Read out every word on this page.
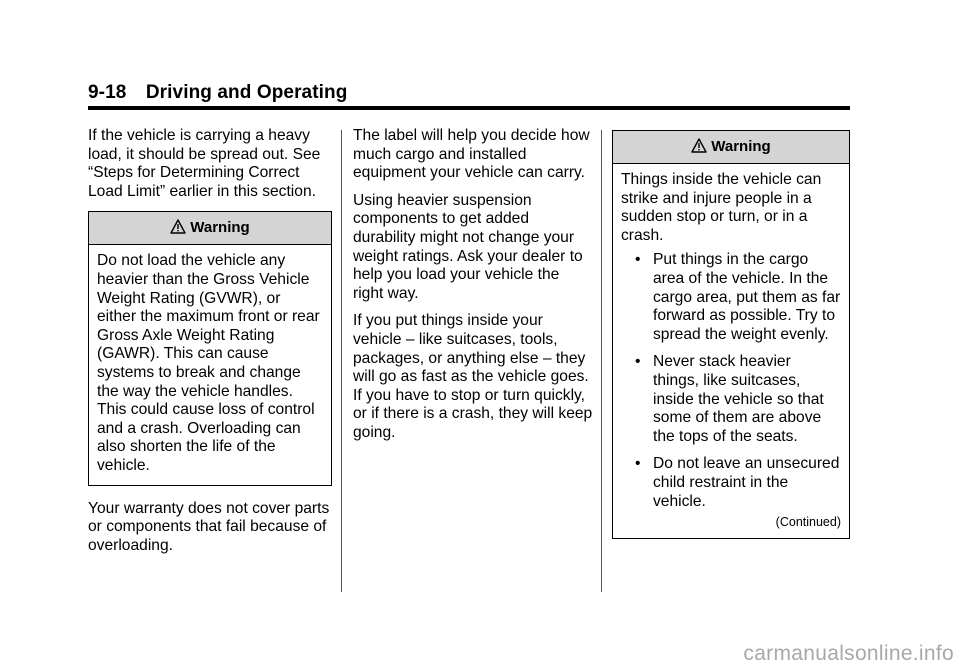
9-18 Driving and Operating

If the vehicle is carrying a heavy load, it should be spread out. See “Steps for Determining Correct Load Limit” earlier in this section.

Warning
Do not load the vehicle any heavier than the Gross Vehicle Weight Rating (GVWR), or either the maximum front or rear Gross Axle Weight Rating (GAWR). This can cause systems to break and change the way the vehicle handles. This could cause loss of control and a crash. Overloading can also shorten the life of the vehicle.

Your warranty does not cover parts or components that fail because of overloading.

The label will help you decide how much cargo and installed equipment your vehicle can carry.

Using heavier suspension components to get added durability might not change your weight ratings. Ask your dealer to help you load your vehicle the right way.

If you put things inside your vehicle – like suitcases, tools, packages, or anything else – they will go as fast as the vehicle goes. If you have to stop or turn quickly, or if there is a crash, they will keep going.

Warning
Things inside the vehicle can strike and injure people in a sudden stop or turn, or in a crash.
• Put things in the cargo area of the vehicle. In the cargo area, put them as far forward as possible. Try to spread the weight evenly.
• Never stack heavier things, like suitcases, inside the vehicle so that some of them are above the tops of the seats.
• Do not leave an unsecured child restraint in the vehicle.
(Continued)
carmanualsonline.info
